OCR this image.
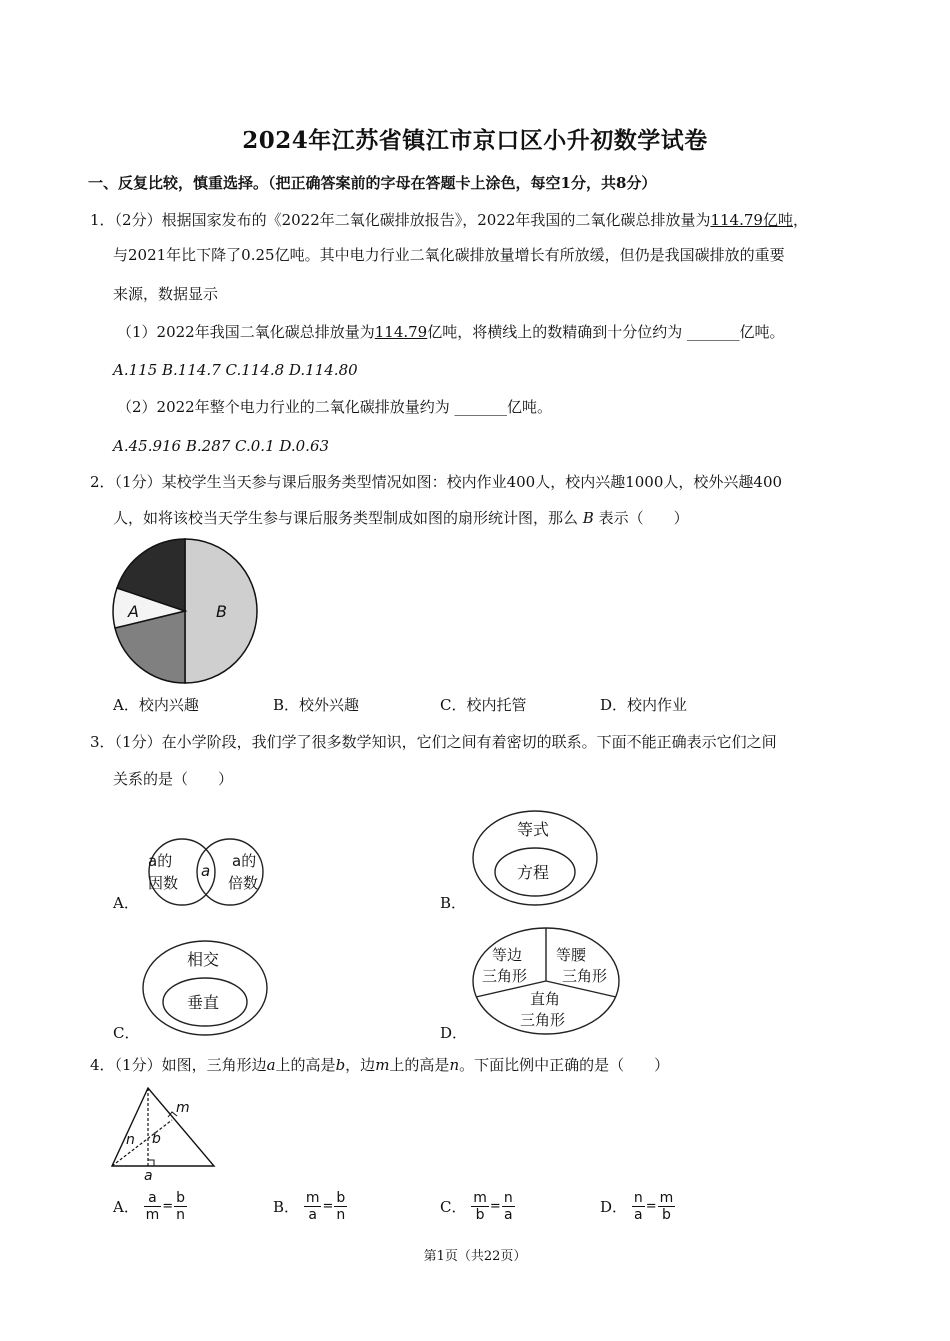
2024年江苏省镇江市京口区小升初数学试卷
一、反复比较，慎重选择。（把正确答案前的字母在答题卡上涂色，每空1分，共8分）
1．（2分）根据国家发布的《2022年二氧化碳排放报告》，2022年我国的二氧化碳总排放量为114.79亿吨，
与2021年比下降了0.25亿吨。其中电力行业二氧化碳排放量增长有所放缓，但仍是我国碳排放的重要
来源，数据显示
（1）2022年我国二氧化碳总排放量为114.79亿吨，将横线上的数精确到十分位约为 _______亿吨。
A.115 B.114.7 C.114.8 D.114.80
（2）2022年整个电力行业的二氧化碳排放量约为 _______亿吨。
A.45.916 B.287 C.0.1 D.0.63
2．（1分）某校学生当天参与课后服务类型情况如图：校内作业400人，校内兴趣1000人，校外兴趣400
人，如将该校当天学生参与课后服务类型制成如图的扇形统计图，那么 B 表示（　　）
A	B
A．校内兴趣	B．校外兴趣	C．校内托管	D．校内作业
3．（1分）在小学阶段，我们学了很多数学知识，它们之间有着密切的联系。下面不能正确表示它们之间
关系的是（　　）
A．
a的
因数
a
a的
倍数
B．
等式
方程
C．
相交
垂直
D．
等边
三角形
等腰
三角形
直角
三角形
4．（1分）如图，三角形边a上的高是b，边m上的高是n。下面比例中正确的是（　　）
m
n b
a
A． $\frac{a}{m} = \frac{b}{n}$	B． $\frac{m}{a} = \frac{b}{n}$	C． $\frac{m}{b} = \frac{n}{a}$	D． $\frac{n}{a} = \frac{m}{b}$
第1页（共22页）
